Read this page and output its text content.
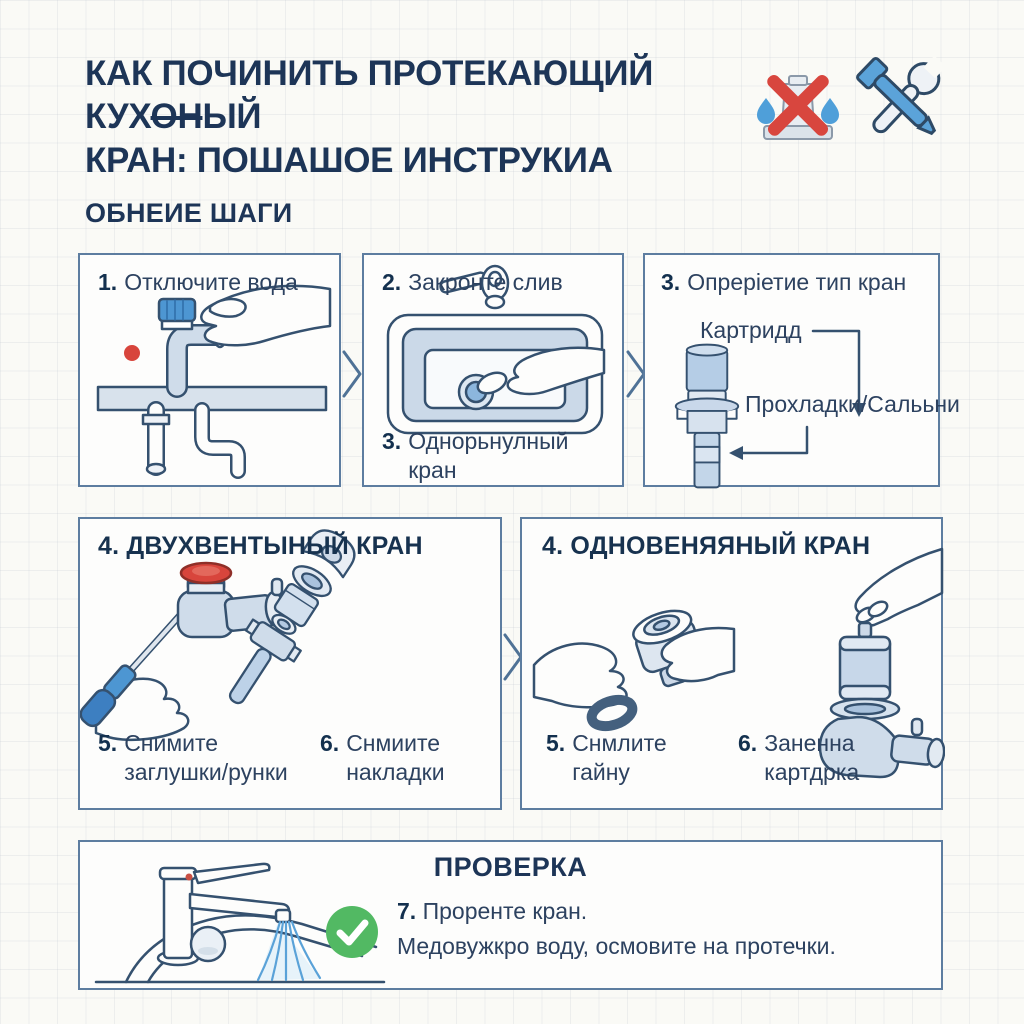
КАК ПОЧИНИТЬ ПРОТЕКАЮЩИЙ КУХОНЫЙ
КРАН: ПОШАШОЕ ИНСТРУКИА
ОБНЕИЕ ШАГИ
1. Отключите вода	2. Закронте слив
3. Однорьнулный кран
3. Опреріетие тип кран
Картридд
Прохладки/Салььни
4. ДВУХВЕНТЫНЫЙ КРАН
5. Снимите заглушки/рунки
6. Снмиите накладки
4. ОДНОВЕНЯЯНЫЙ КРАН
5. Снмлите гайну
6. Заненна картдрка
ПРОВЕРКА
7. Проренте кран.
Медовужкро воду, осмовите на протечки.
